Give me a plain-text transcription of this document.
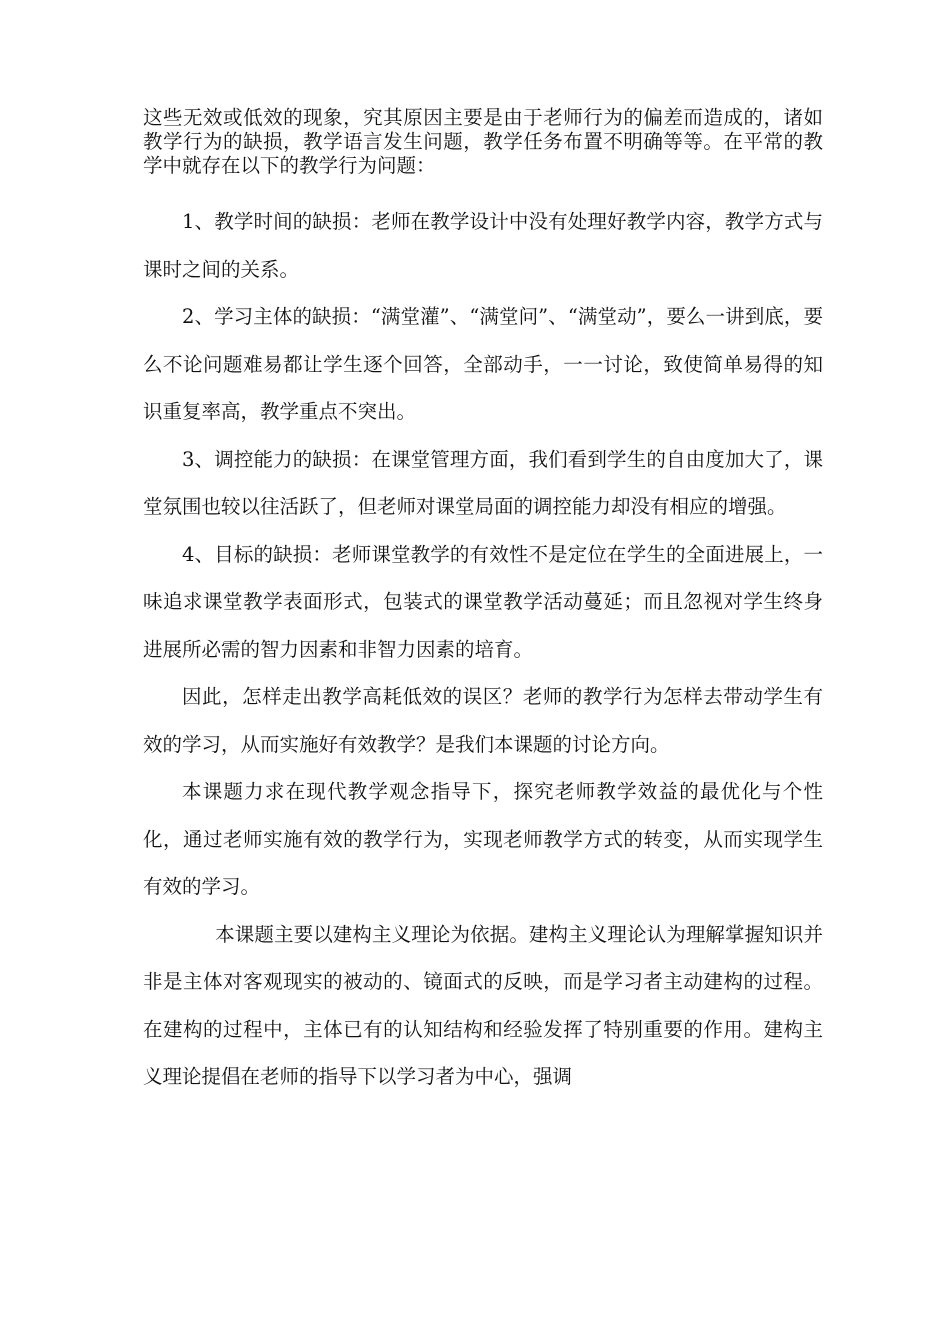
这些无效或低效的现象，究其原因主要是由于老师行为的偏差而造成的，诸如教学行为的缺损，教学语言发生问题，教学任务布置不明确等等。在平常的教学中就存在以下的教学行为问题：

1、教学时间的缺损：老师在教学设计中没有处理好教学内容，教学方式与课时之间的关系。

2、学习主体的缺损：“满堂灌”、“满堂问”、“满堂动”，要么一讲到底，要么不论问题难易都让学生逐个回答，全部动手，一一讨论，致使简单易得的知识重复率高，教学重点不突出。

3、调控能力的缺损：在课堂管理方面，我们看到学生的自由度加大了，课堂氛围也较以往活跃了，但老师对课堂局面的调控能力却没有相应的增强。

4、目标的缺损：老师课堂教学的有效性不是定位在学生的全面进展上，一味追求课堂教学表面形式，包装式的课堂教学活动蔓延；而且忽视对学生终身进展所必需的智力因素和非智力因素的培育。

因此，怎样走出教学高耗低效的误区？老师的教学行为怎样去带动学生有效的学习，从而实施好有效教学？是我们本课题的讨论方向。

本课题力求在现代教学观念指导下，探究老师教学效益的最优化与个性化，通过老师实施有效的教学行为，实现老师教学方式的转变，从而实现学生有效的学习。

本课题主要以建构主义理论为依据。建构主义理论认为理解掌握知识并非是主体对客观现实的被动的、镜面式的反映，而是学习者主动建构的过程。在建构的过程中，主体已有的认知结构和经验发挥了特别重要的作用。建构主义理论提倡在老师的指导下以学习者为中心，强调
